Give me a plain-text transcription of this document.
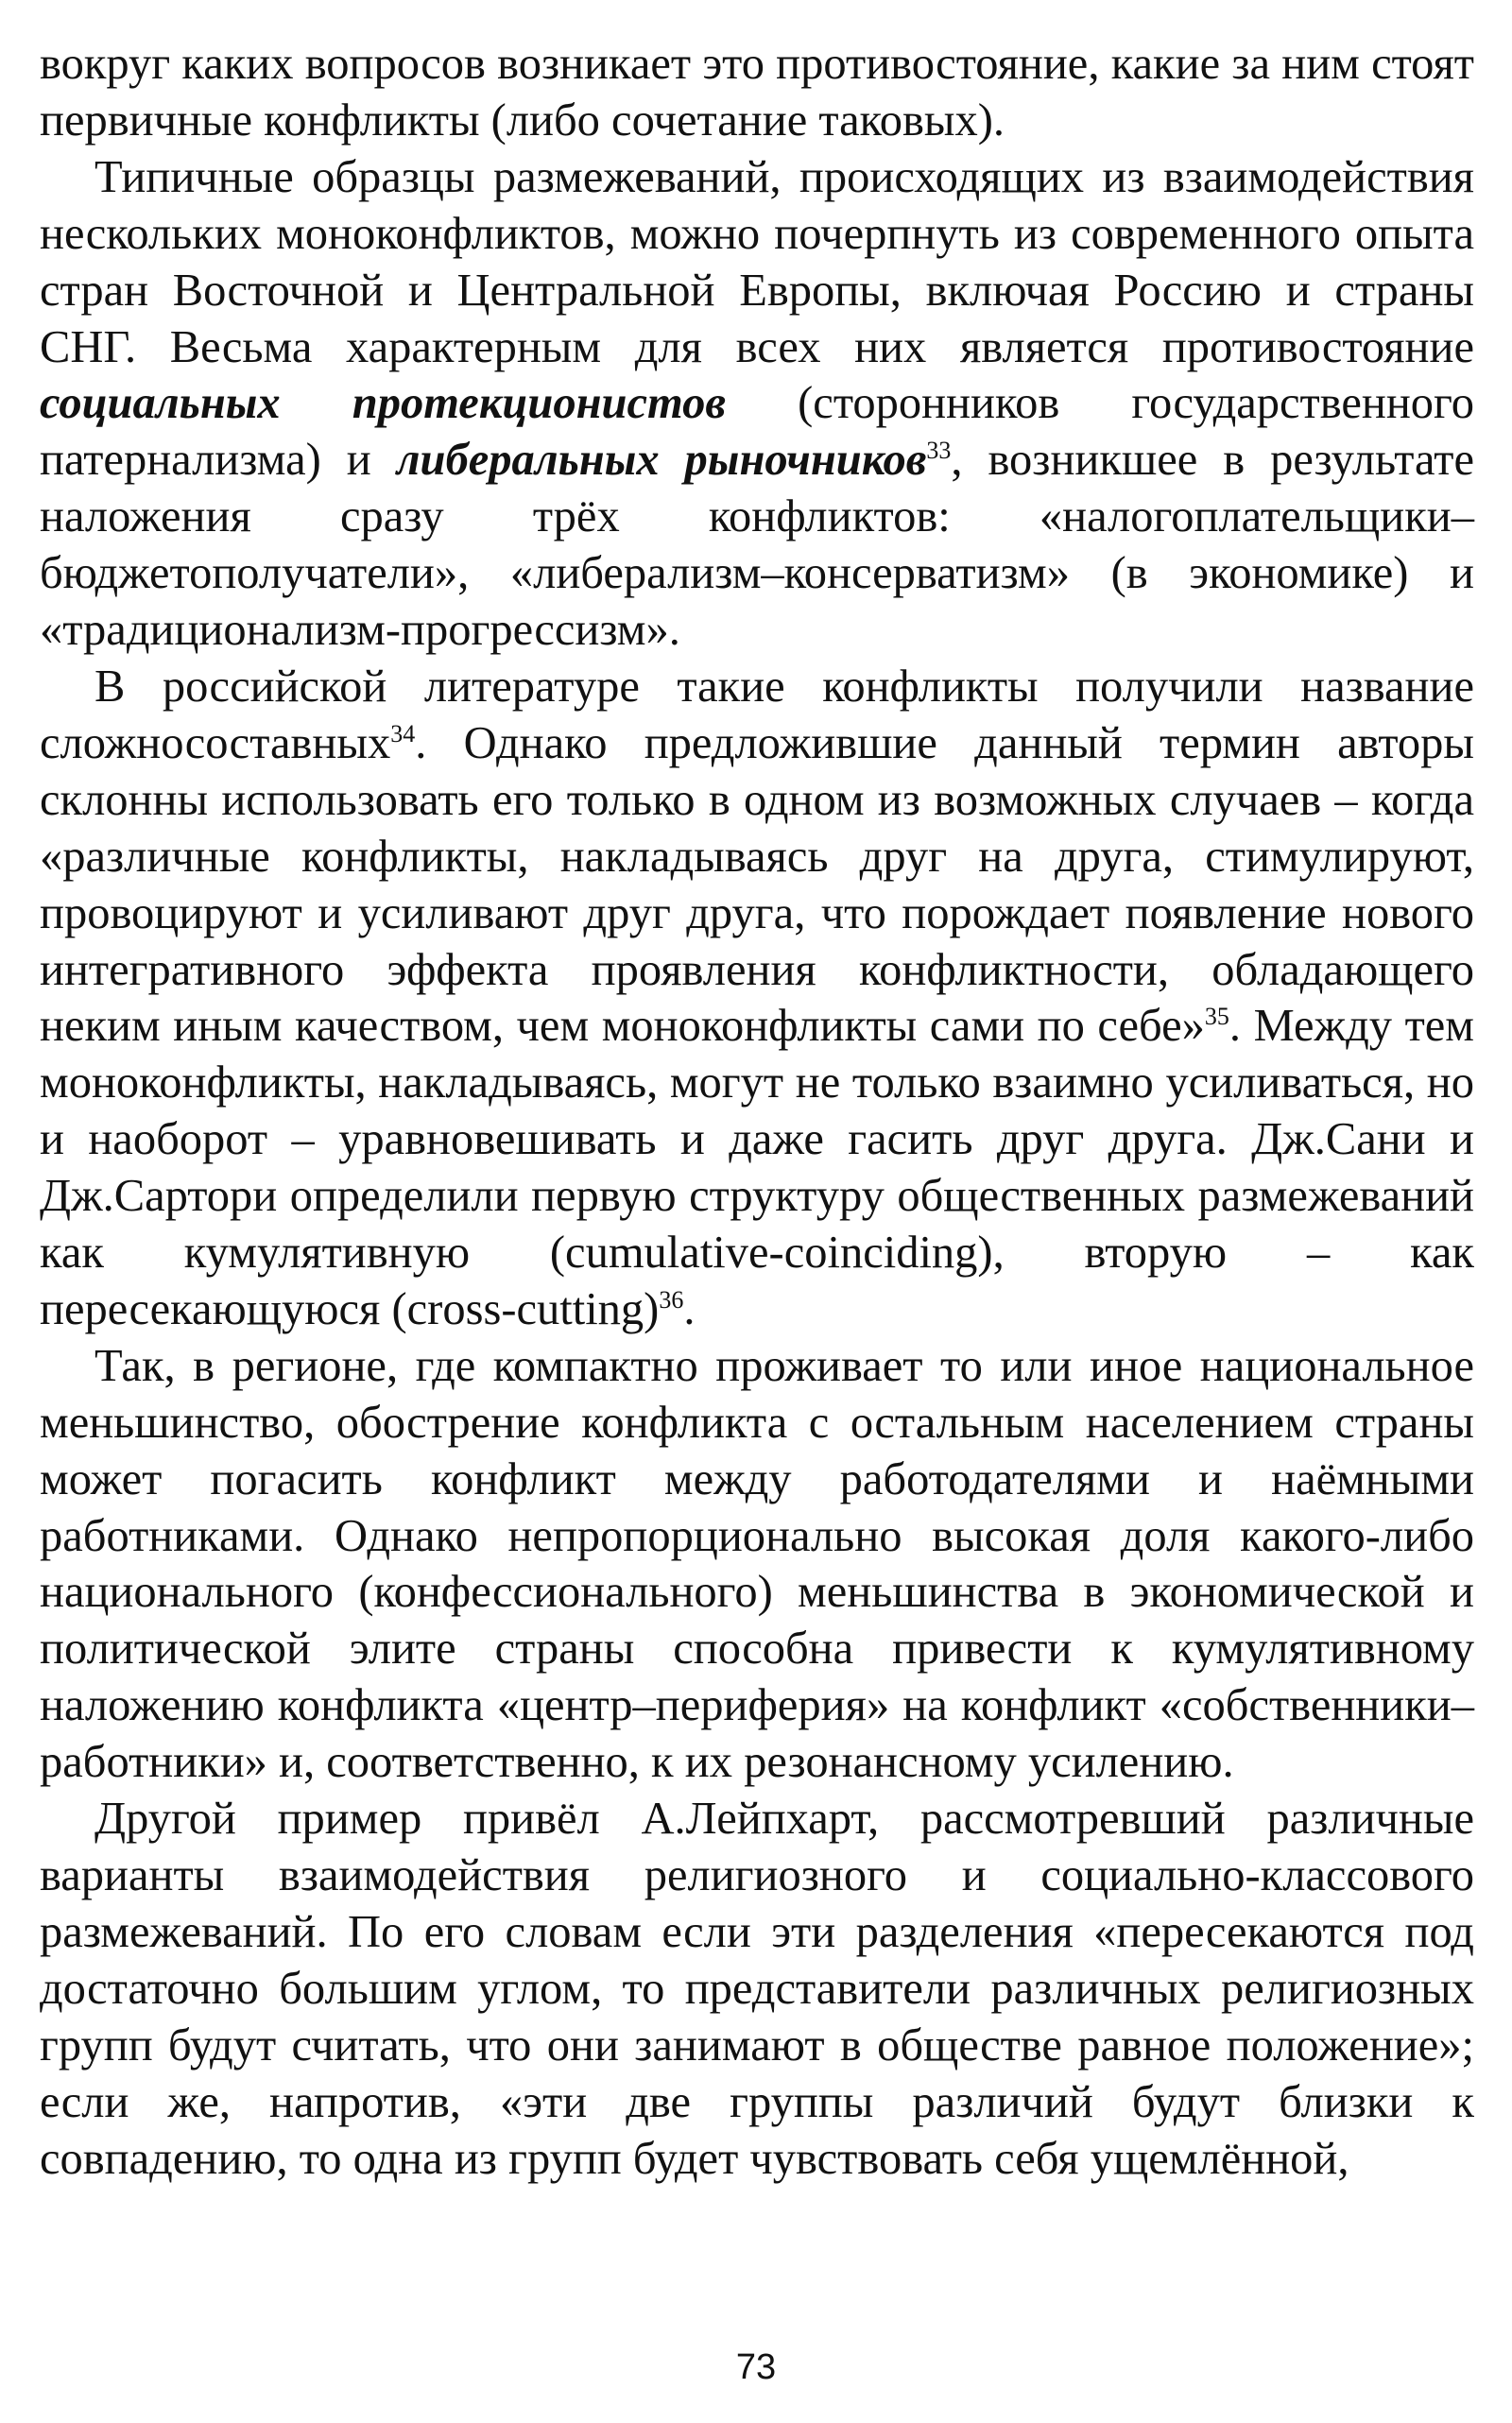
вокруг каких вопросов возникает это противостояние, какие за ним стоят первичные конфликты (либо сочетание таковых).

Типичные образцы размежеваний, происходящих из взаимодействия нескольких моноконфликтов, можно почерпнуть из современного опыта стран Восточной и Центральной Европы, включая Россию и страны СНГ. Весьма характерным для всех них является противостояние социальных протекционистов (сторонников государственного патернализма) и либеральных рыночников$^{33}$, возникшее в результате наложения сразу трёх конфликтов: «налогоплательщики–бюджетополучатели», «либерализм–консерватизм» (в экономике) и «традиционализм-прогрессизм».

В российской литературе такие конфликты получили название сложносоставных$^{34}$. Однако предложившие данный термин авторы склонны использовать его только в одном из возможных случаев – когда «различные конфликты, накладываясь друг на друга, стимулируют, провоцируют и усиливают друг друга, что порождает появление нового интегративного эффекта проявления конфликтности, обладающего неким иным качеством, чем моноконфликты сами по себе»$^{35}$. Между тем моноконфликты, накладываясь, могут не только взаимно усиливаться, но и наоборот – уравновешивать и даже гасить друг друга. Дж.Сани и Дж.Сартори определили первую структуру общественных размежеваний как кумулятивную (cumulative-coinciding), вторую – как пересекающуюся (cross-cutting)$^{36}$.

Так, в регионе, где компактно проживает то или иное национальное меньшинство, обострение конфликта с остальным населением страны может погасить конфликт между работодателями и наёмными работниками. Однако непропорционально высокая доля какого-либо национального (конфессионального) меньшинства в экономической и политической элите страны способна привести к кумулятивному наложению конфликта «центр–периферия» на конфликт «собственники–работники» и, соответственно, к их резонансному усилению.

Другой пример привёл А.Лейпхарт, рассмотревший различные варианты взаимодействия религиозного и социально-классового размежеваний. По его словам если эти разделения «пересекаются под достаточно большим углом, то представители различных религиозных групп будут считать, что они занимают в обществе равное положение»; если же, напротив, «эти две группы различий будут близки к совпадению, то одна из групп будет чувствовать себя ущемлённой,

73
